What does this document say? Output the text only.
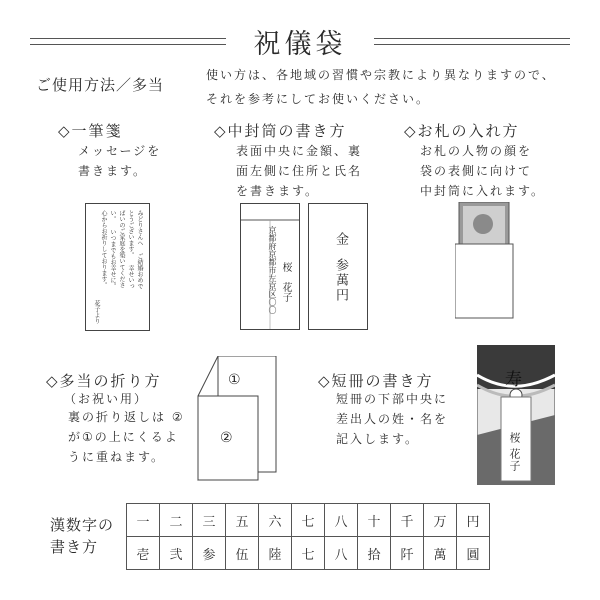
祝儀袋
ご使用方法／多当
使い方は、各地域の習慣や宗教により異なりますので、
それを参考にしてお使いください。
◇一筆箋
メッセージを
書きます。
みどりさんへ ご結婚おめでとうございます。 幸せいっぱいのご家庭を築いてください。 いつまでもお幸せに。 心からお祈りしております。
花子より
◇中封筒の書き方
表面中央に金額、裏
面左側に住所と氏名
を書きます。
京都府京都市左京区〇〇 桜　花子
金
参萬円
◇お札の入れ方
お札の人物の顔を
袋の表側に向けて
中封筒に入れます。
◇多当の折り方
（お祝い用）
裏の折り返しは ②
が①の上にくるよ
うに重ねます。
①
②
◇短冊の書き方
短冊の下部中央に
差出人の姓・名を
記入します。
寿
桜
花子
漢数字の
書き方
一	二	三	五	六	七	八	十	千	万	円
壱	弐	参	伍	陸	七	八	拾	阡	萬	圓
